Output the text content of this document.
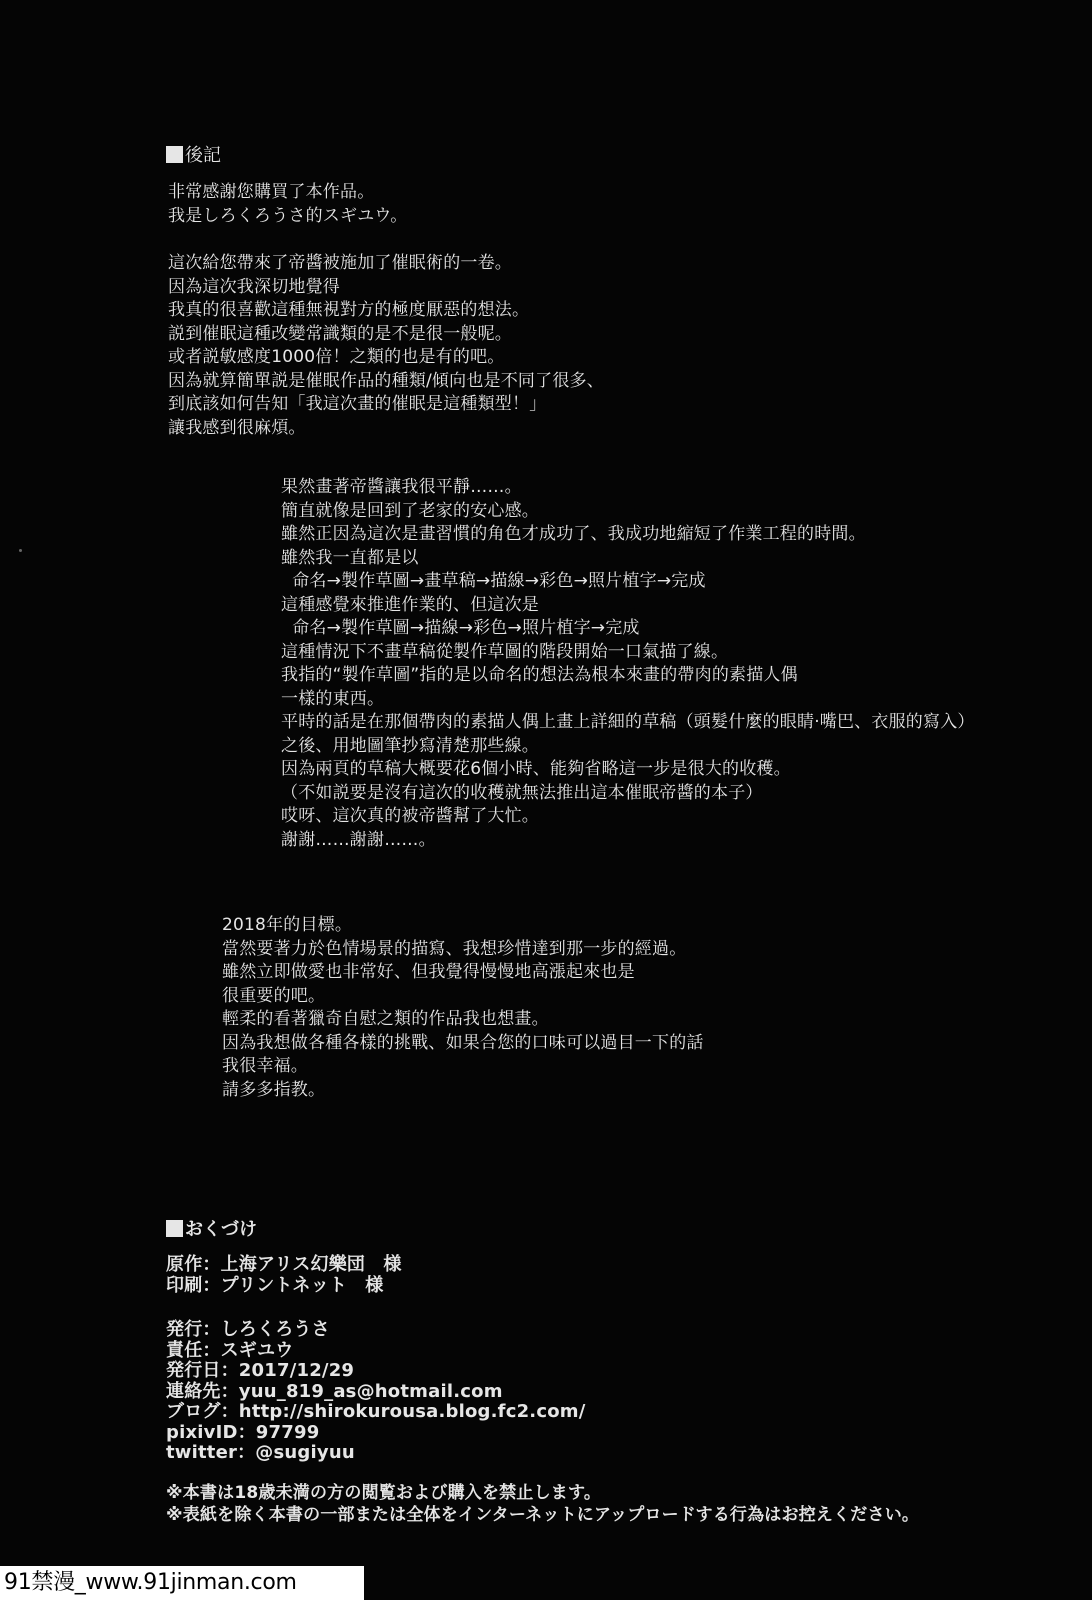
後記
非常感謝您購買了本作品。
我是しろくろうさ的スギユウ。
這次給您帶來了帝醬被施加了催眠術的一卷。
因為這次我深切地覺得
我真的很喜歡這種無視對方的極度厭惡的想法。
説到催眠這種改變常識類的是不是很一般呢。
或者説敏感度1000倍！之類的也是有的吧。
因為就算簡單説是催眠作品的種類/傾向也是不同了很多、
到底該如何告知「我這次畫的催眠是這種類型！」
讓我感到很麻煩。
果然畫著帝醬讓我很平靜……。
簡直就像是回到了老家的安心感。
雖然正因為這次是畫習慣的角色才成功了、我成功地縮短了作業工程的時間。
雖然我一直都是以
命名→製作草圖→畫草稿→描線→彩色→照片植字→完成
這種感覺來推進作業的、但這次是
命名→製作草圖→描線→彩色→照片植字→完成
這種情況下不畫草稿從製作草圖的階段開始一口氣描了線。
我指的“製作草圖”指的是以命名的想法為根本來畫的帶肉的素描人偶
一樣的東西。
平時的話是在那個帶肉的素描人偶上畫上詳細的草稿（頭髮什麼的眼睛·嘴巴、衣服的寫入）
之後、用地圖筆抄寫清楚那些線。
因為兩頁的草稿大概要花6個小時、能夠省略這一步是很大的收穫。
（不如説要是沒有這次的收穫就無法推出這本催眠帝醬的本子）
哎呀、這次真的被帝醬幫了大忙。
謝謝……謝謝……。
2018年的目標。
當然要著力於色情場景的描寫、我想珍惜達到那一步的經過。
雖然立即做愛也非常好、但我覺得慢慢地高漲起來也是
很重要的吧。
輕柔的看著獵奇自慰之類的作品我也想畫。
因為我想做各種各樣的挑戰、如果合您的口味可以過目一下的話
我很幸福。
請多多指教。
おくづけ
原作：上海アリス幻樂団　様
印刷：プリントネット　様
発行：しろくろうさ
責任：スギユウ
発行日：2017/12/29
連絡先：yuu_819_as@hotmail.com
ブログ：http://shirokurousa.blog.fc2.com/
pixivID：97799
twitter：@sugiyuu
※本書は18歳未満の方の閲覧および購入を禁止します。
※表紙を除く本書の一部または全体をインターネットにアップロードする行為はお控えください。
91禁漫_www.91jinman.com
